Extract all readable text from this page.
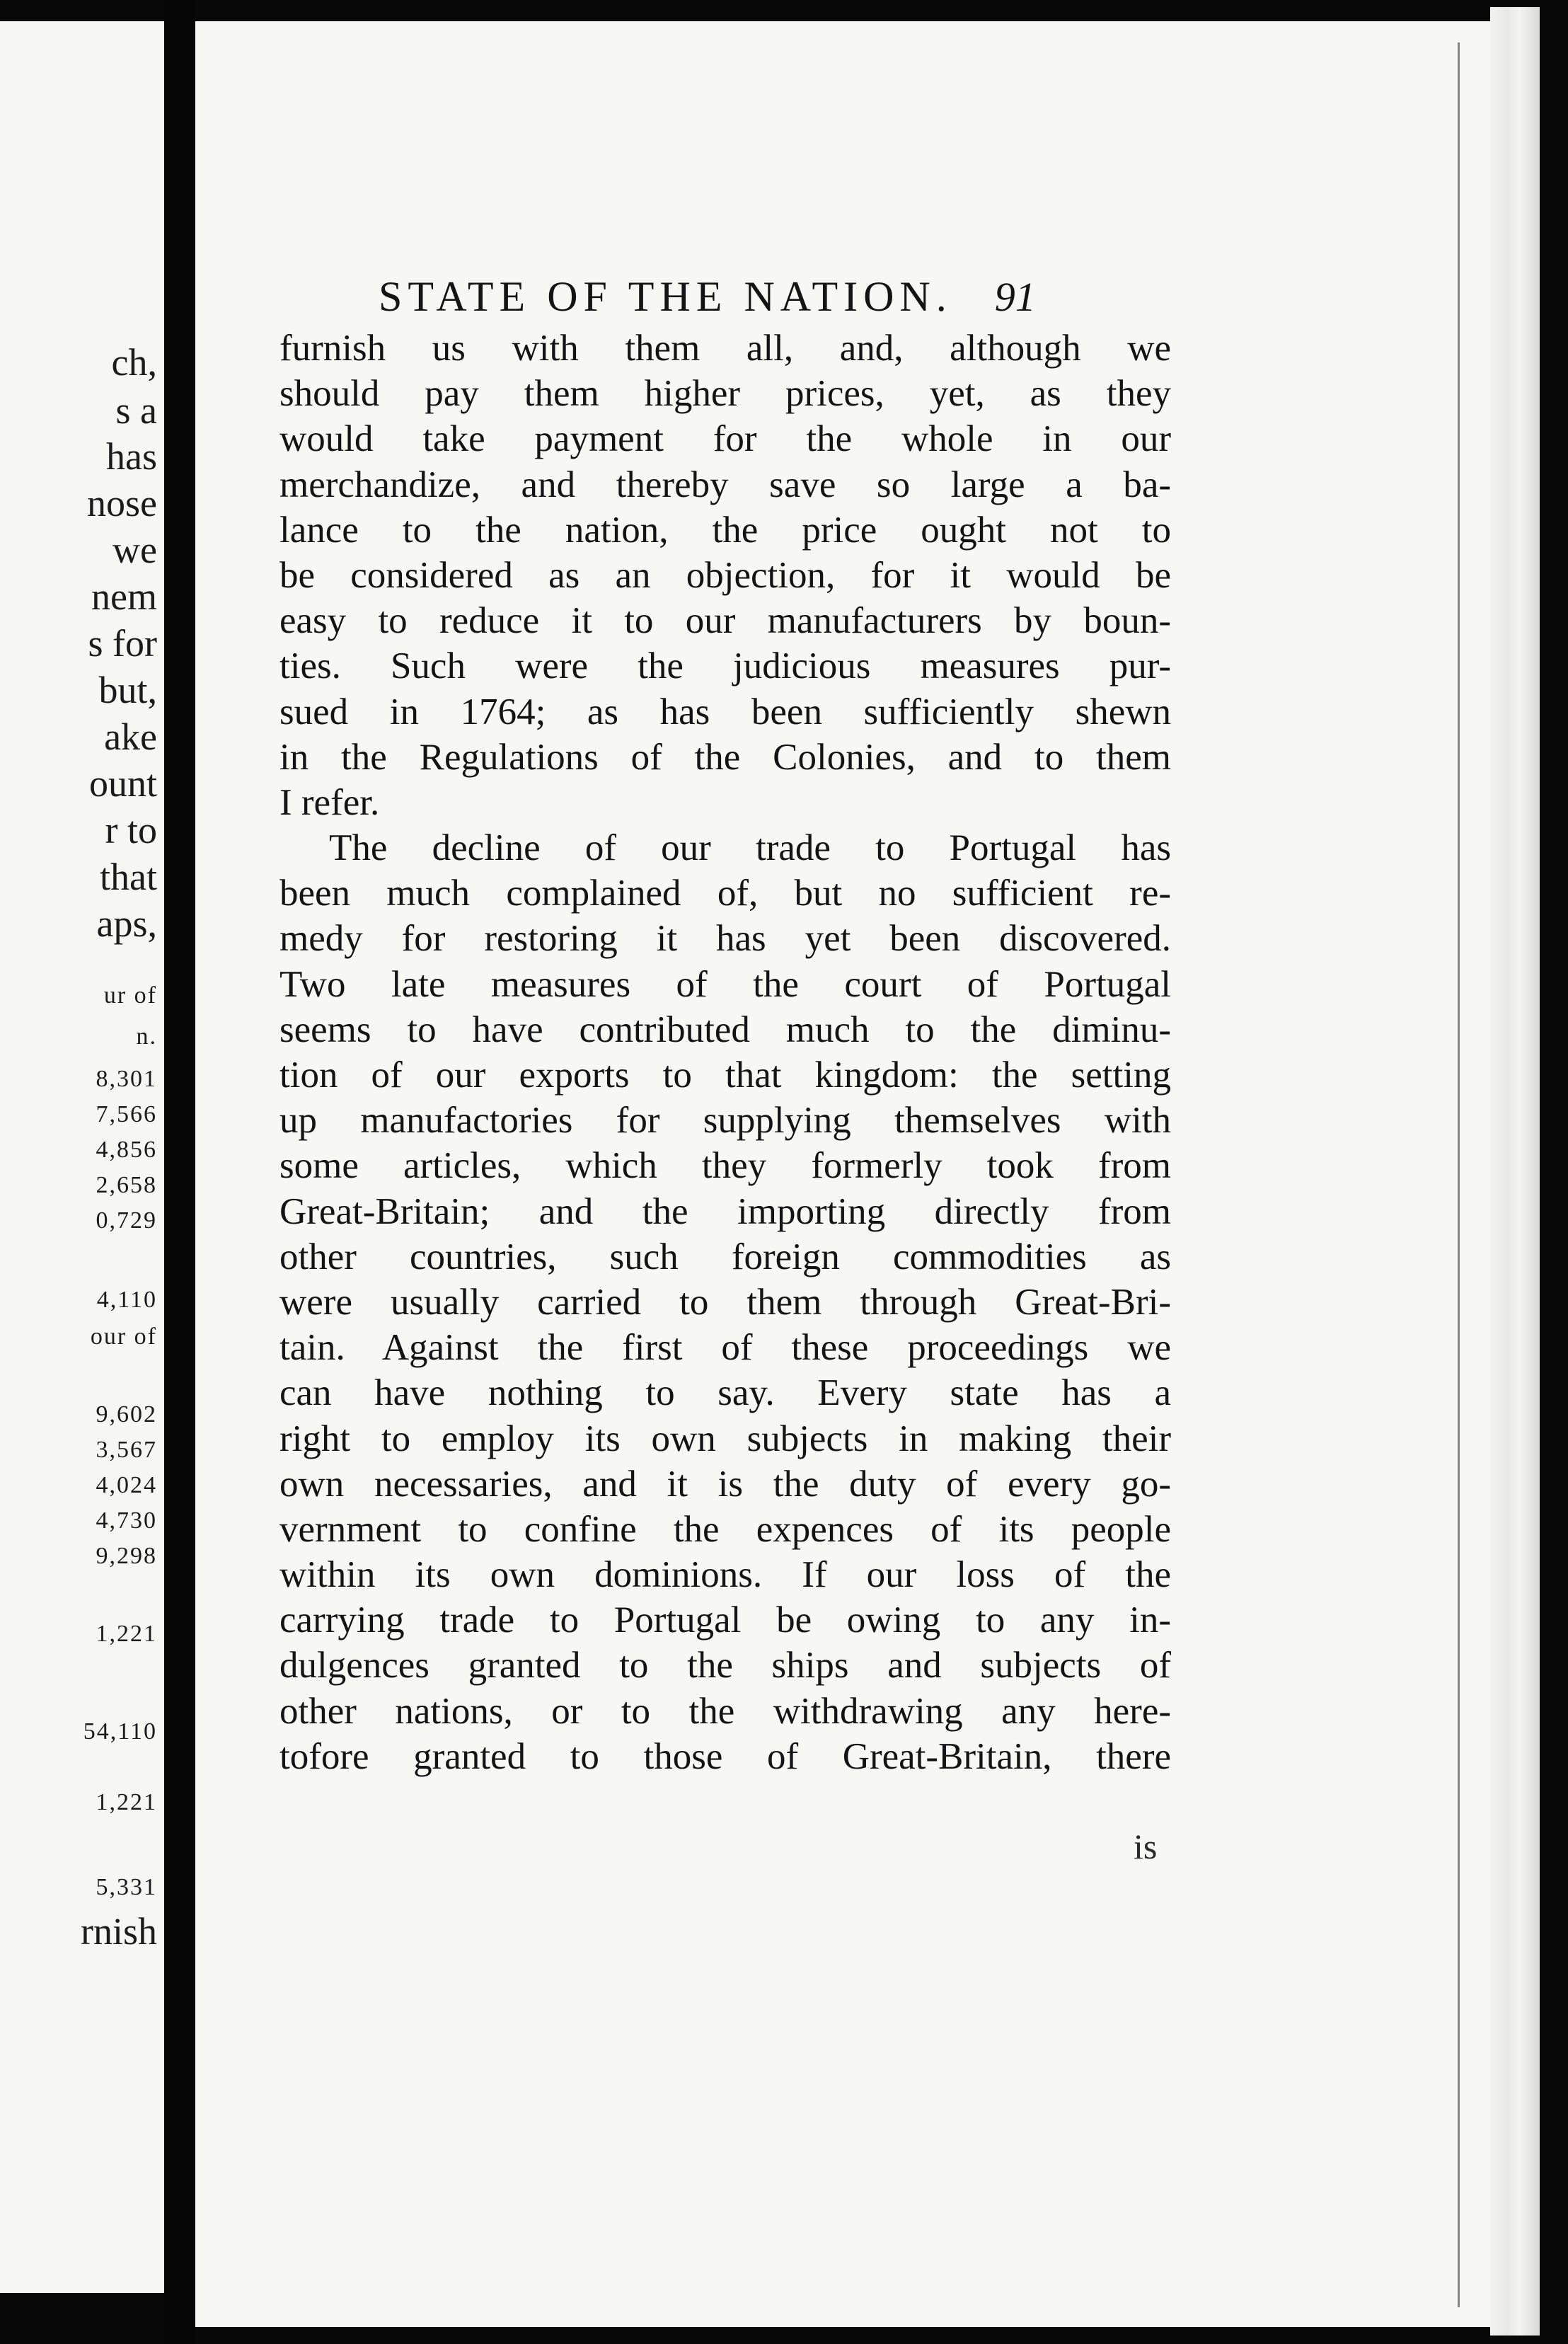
ch,
s a
has
nose
we
nem
s for
but,
ake
ount
r to
that
aps,
ur of
n.
8,301
7,566
4,856
2,658
0,729
4,110
our of
9,602
3,567
4,024
4,730
9,298
1,221
54,110
1,221
5,331
rnish
STATE OF THE NATION. 91
furnish us with them all, and, although we
should pay them higher prices, yet, as they
would take payment for the whole in our
merchandize, and thereby save so large a ba-
lance to the nation, the price ought not to
be considered as an objection, for it would be
easy to reduce it to our manufacturers by boun-
ties. Such were the judicious measures pur-
sued in 1764; as has been sufficiently shewn
in the Regulations of the Colonies, and to them
I refer.
The decline of our trade to Portugal has
been much complained of, but no sufficient re-
medy for restoring it has yet been discovered.
Two late measures of the court of Portugal
seems to have contributed much to the diminu-
tion of our exports to that kingdom: the setting
up manufactories for supplying themselves with
some articles, which they formerly took from
Great-Britain; and the importing directly from
other countries, such foreign commodities as
were usually carried to them through Great-Bri-
tain. Against the first of these proceedings we
can have nothing to say. Every state has a
right to employ its own subjects in making their
own necessaries, and it is the duty of every go-
vernment to confine the expences of its people
within its own dominions. If our loss of the
carrying trade to Portugal be owing to any in-
dulgences granted to the ships and subjects of
other nations, or to the withdrawing any here-
tofore granted to those of Great-Britain, there
is
